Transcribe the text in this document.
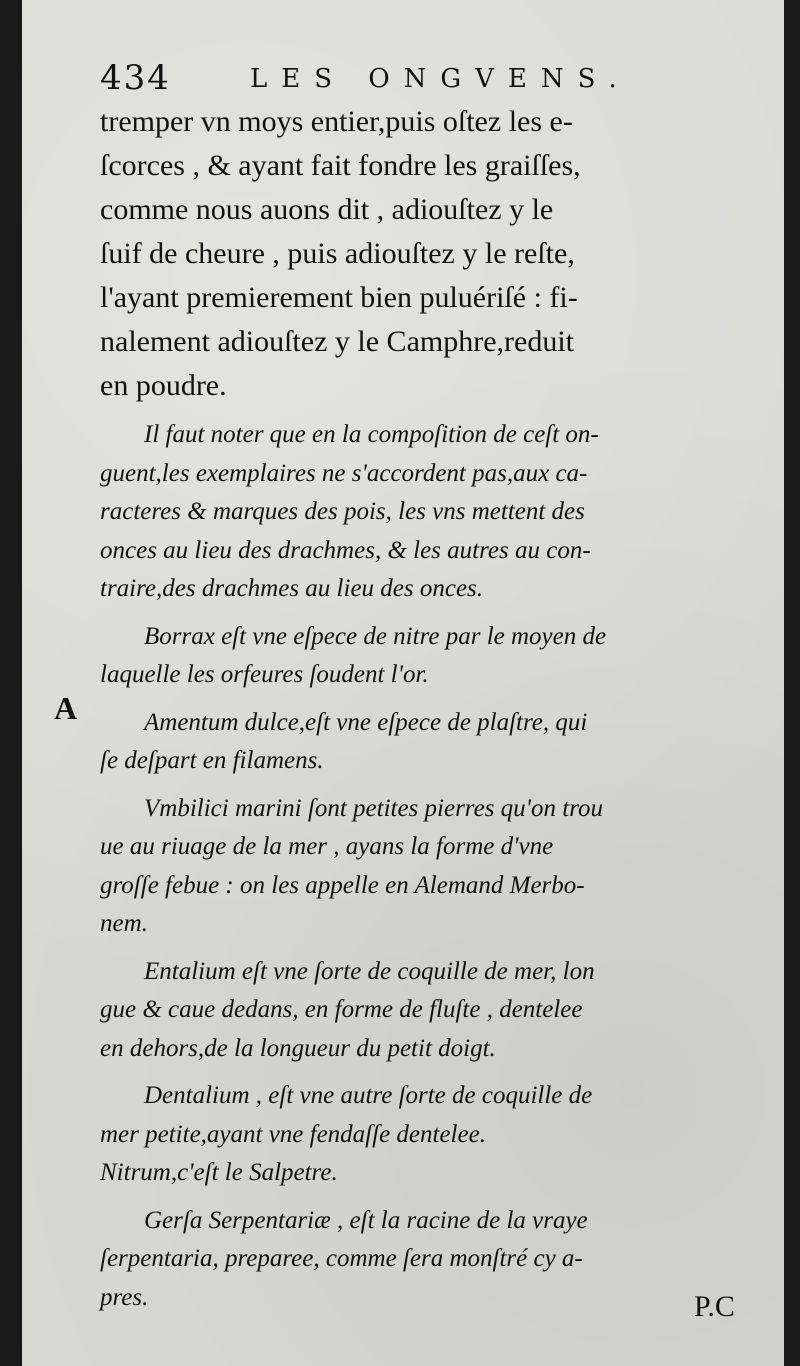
434	LES ONGVENS.
tremper vn moys entier,puis oſtez les e-
ſcorces , & ayant fait fondre les graiſſes,
comme nous auons dit , adiouſtez y le
ſuif de cheure , puis adiouſtez y le reſte,
l'ayant premierement bien puluériſé : fi-
nalement adiouſtez y le Camphre,reduit
en poudre.
Il faut noter que en la compoſition de ceſt on-
guent,les exemplaires ne s'accordent pas,aux ca-
racteres & marques des pois, les vns mettent des
onces au lieu des drachmes, & les autres au con-
traire,des drachmes au lieu des onces.
Borrax eſt vne eſpece de nitre par le moyen de
laquelle les orfeures ſoudent l'or.
Amentum dulce,eſt vne eſpece de plaſtre, qui
ſe deſpart en filamens.
Vmbilici marini ſont petites pierres qu'on trou
ue au riuage de la mer , ayans la forme d'vne
groſſe febue : on les appelle en Alemand Merbo-
nem.
Entalium eſt vne ſorte de coquille de mer, lon
gue & caue dedans, en forme de fluſte , dentelee
en dehors,de la longueur du petit doigt.
Dentalium , eſt vne autre ſorte de coquille de
mer petite,ayant vne fendaſſe dentelee.
Nitrum,c'eſt le Salpetre.
Gerſa Serpentariæ , eſt la racine de la vraye
ſerpentaria, preparee, comme ſera monſtré cy a-
pres.
A
P.C
